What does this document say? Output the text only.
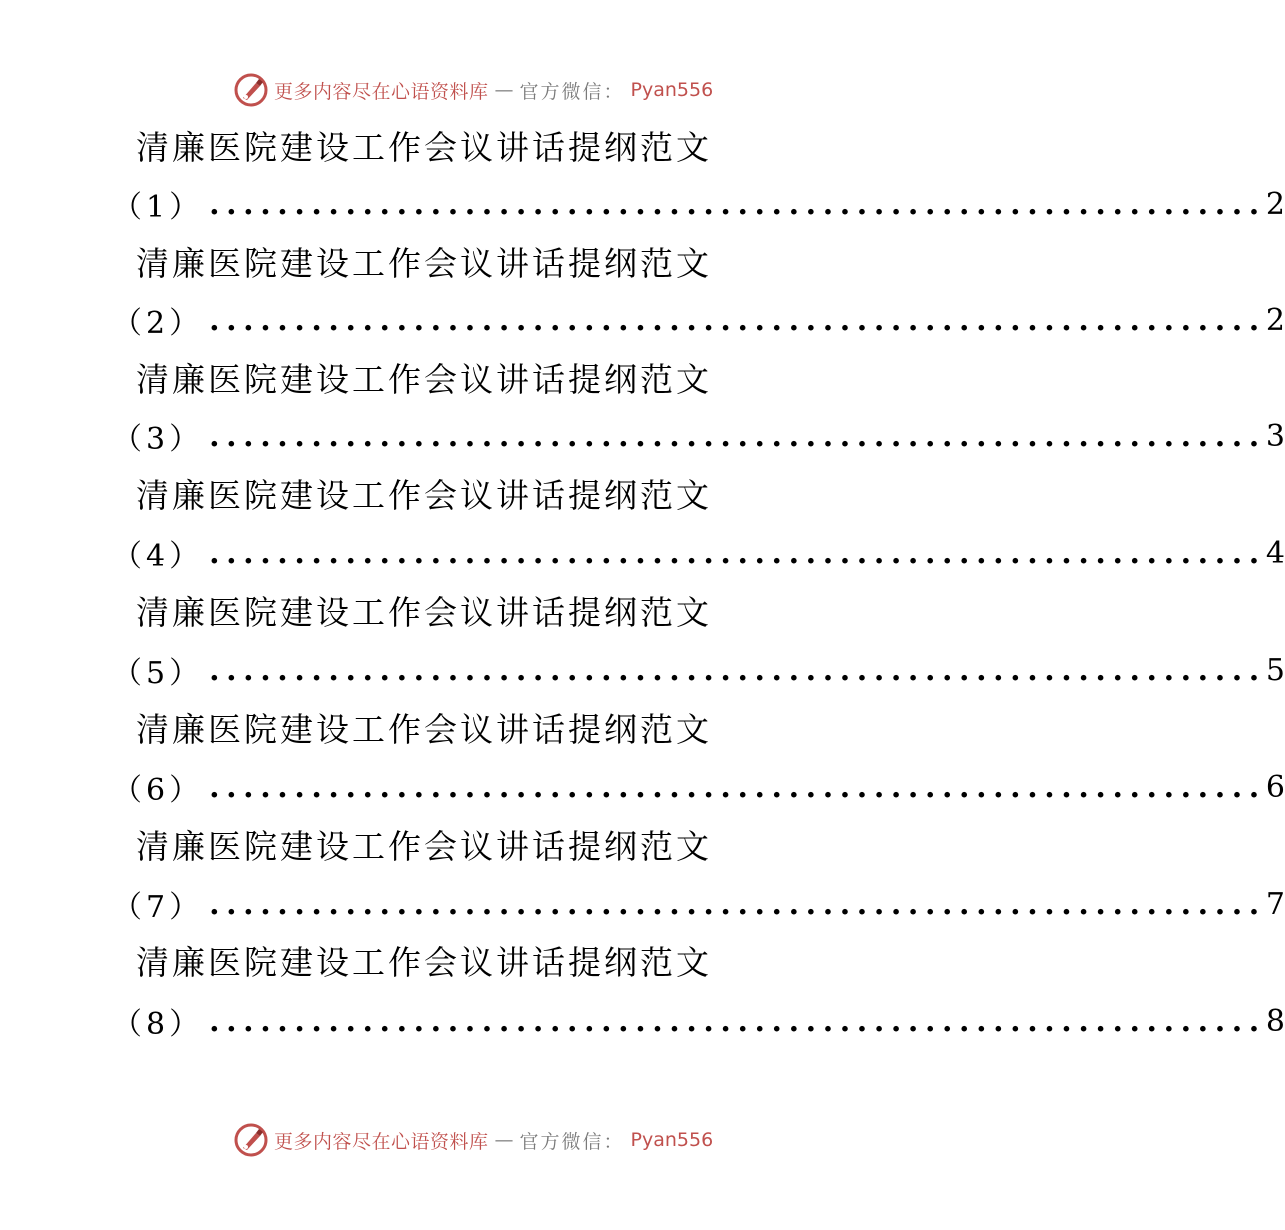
更多内容尽在心语资料库 — 官方微信： Pyan556
清廉医院建设工作会议讲话提纲范文
（1） .............................................................. 2
清廉医院建设工作会议讲话提纲范文
（2） .............................................................. 2
清廉医院建设工作会议讲话提纲范文
（3） .............................................................. 3
清廉医院建设工作会议讲话提纲范文
（4） .............................................................. 4
清廉医院建设工作会议讲话提纲范文
（5） .............................................................. 5
清廉医院建设工作会议讲话提纲范文
（6） .............................................................. 6
清廉医院建设工作会议讲话提纲范文
（7） .............................................................. 7
清廉医院建设工作会议讲话提纲范文
（8） .............................................................. 8
更多内容尽在心语资料库 — 官方微信： Pyan556
